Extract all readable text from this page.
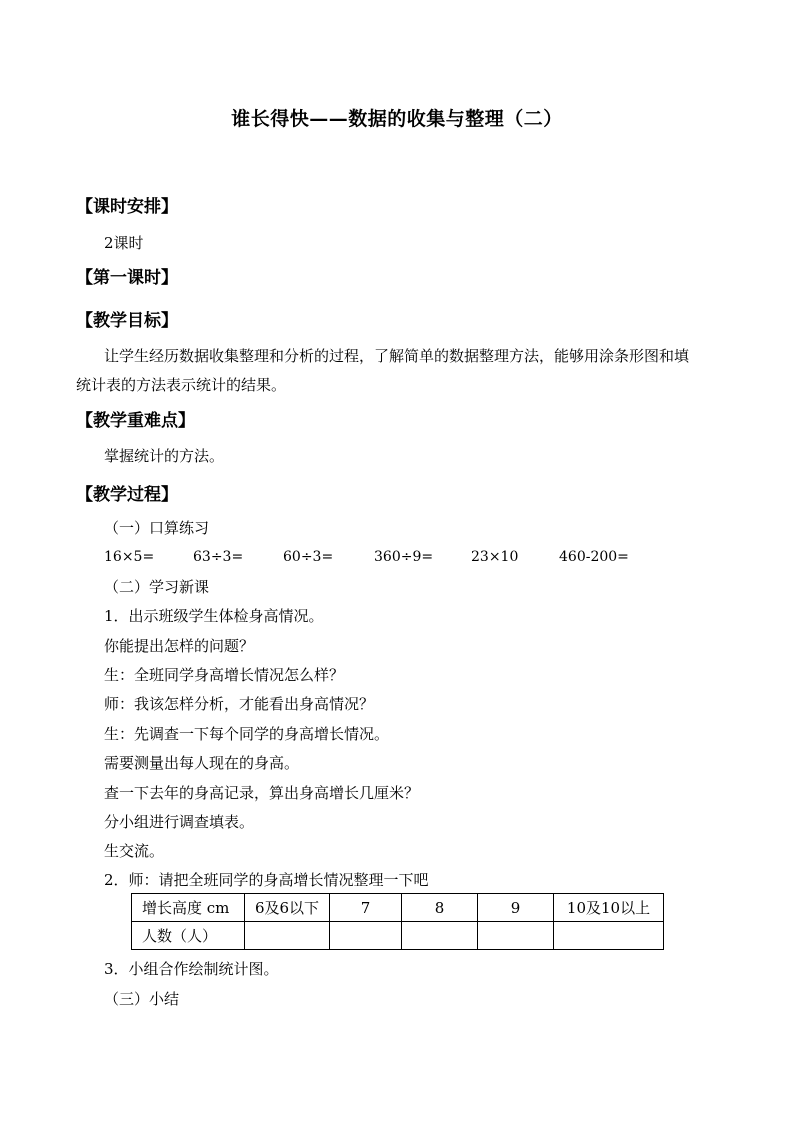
谁长得快——数据的收集与整理（二）
【课时安排】
2课时
【第一课时】
【教学目标】
让学生经历数据收集整理和分析的过程，了解简单的数据整理方法，能够用涂条形图和填
统计表的方法表示统计的结果。
【教学重难点】
掌握统计的方法。
【教学过程】
（一）口算练习
16×5=	63÷3=	60÷3=	360÷9=	23×10	460-200=
（二）学习新课
1．出示班级学生体检身高情况。
你能提出怎样的问题？
生：全班同学身高增长情况怎么样？
师：我该怎样分析，才能看出身高情况？
生：先调查一下每个同学的身高增长情况。
需要测量出每人现在的身高。
查一下去年的身高记录，算出身高增长几厘米？
分小组进行调查填表。
生交流。
2．师：请把全班同学的身高增长情况整理一下吧
增长高度 cm	6及6以下	7	8	9	10及10以上
人数（人）					
3．小组合作绘制统计图。
（三）小结
